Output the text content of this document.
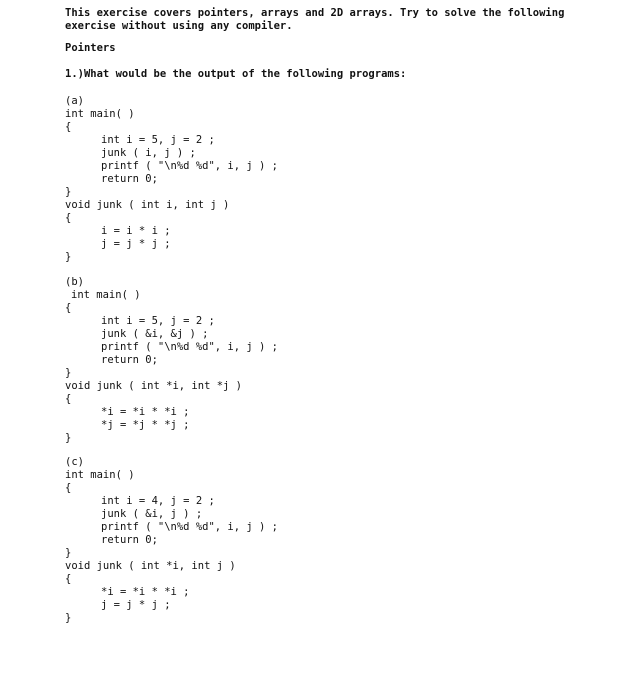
This exercise covers pointers, arrays and 2D arrays. Try to solve the following
exercise without using any compiler.
Pointers
1.)What would be the output of the following programs:
(a)
int main( )
{
int i = 5, j = 2 ;
junk ( i, j ) ;
printf ( "\n%d %d", i, j ) ;
return 0;
}
void junk ( int i, int j )
{
i = i * i ;
j = j * j ;
}
(b)
int main( )
{
int i = 5, j = 2 ;
junk ( &i, &j ) ;
printf ( "\n%d %d", i, j ) ;
return 0;
}
void junk ( int *i, int *j )
{
*i = *i * *i ;
*j = *j * *j ;
}
(c)
int main( )
{
int i = 4, j = 2 ;
junk ( &i, j ) ;
printf ( "\n%d %d", i, j ) ;
return 0;
}
void junk ( int *i, int j )
{
*i = *i * *i ;
j = j * j ;
}
